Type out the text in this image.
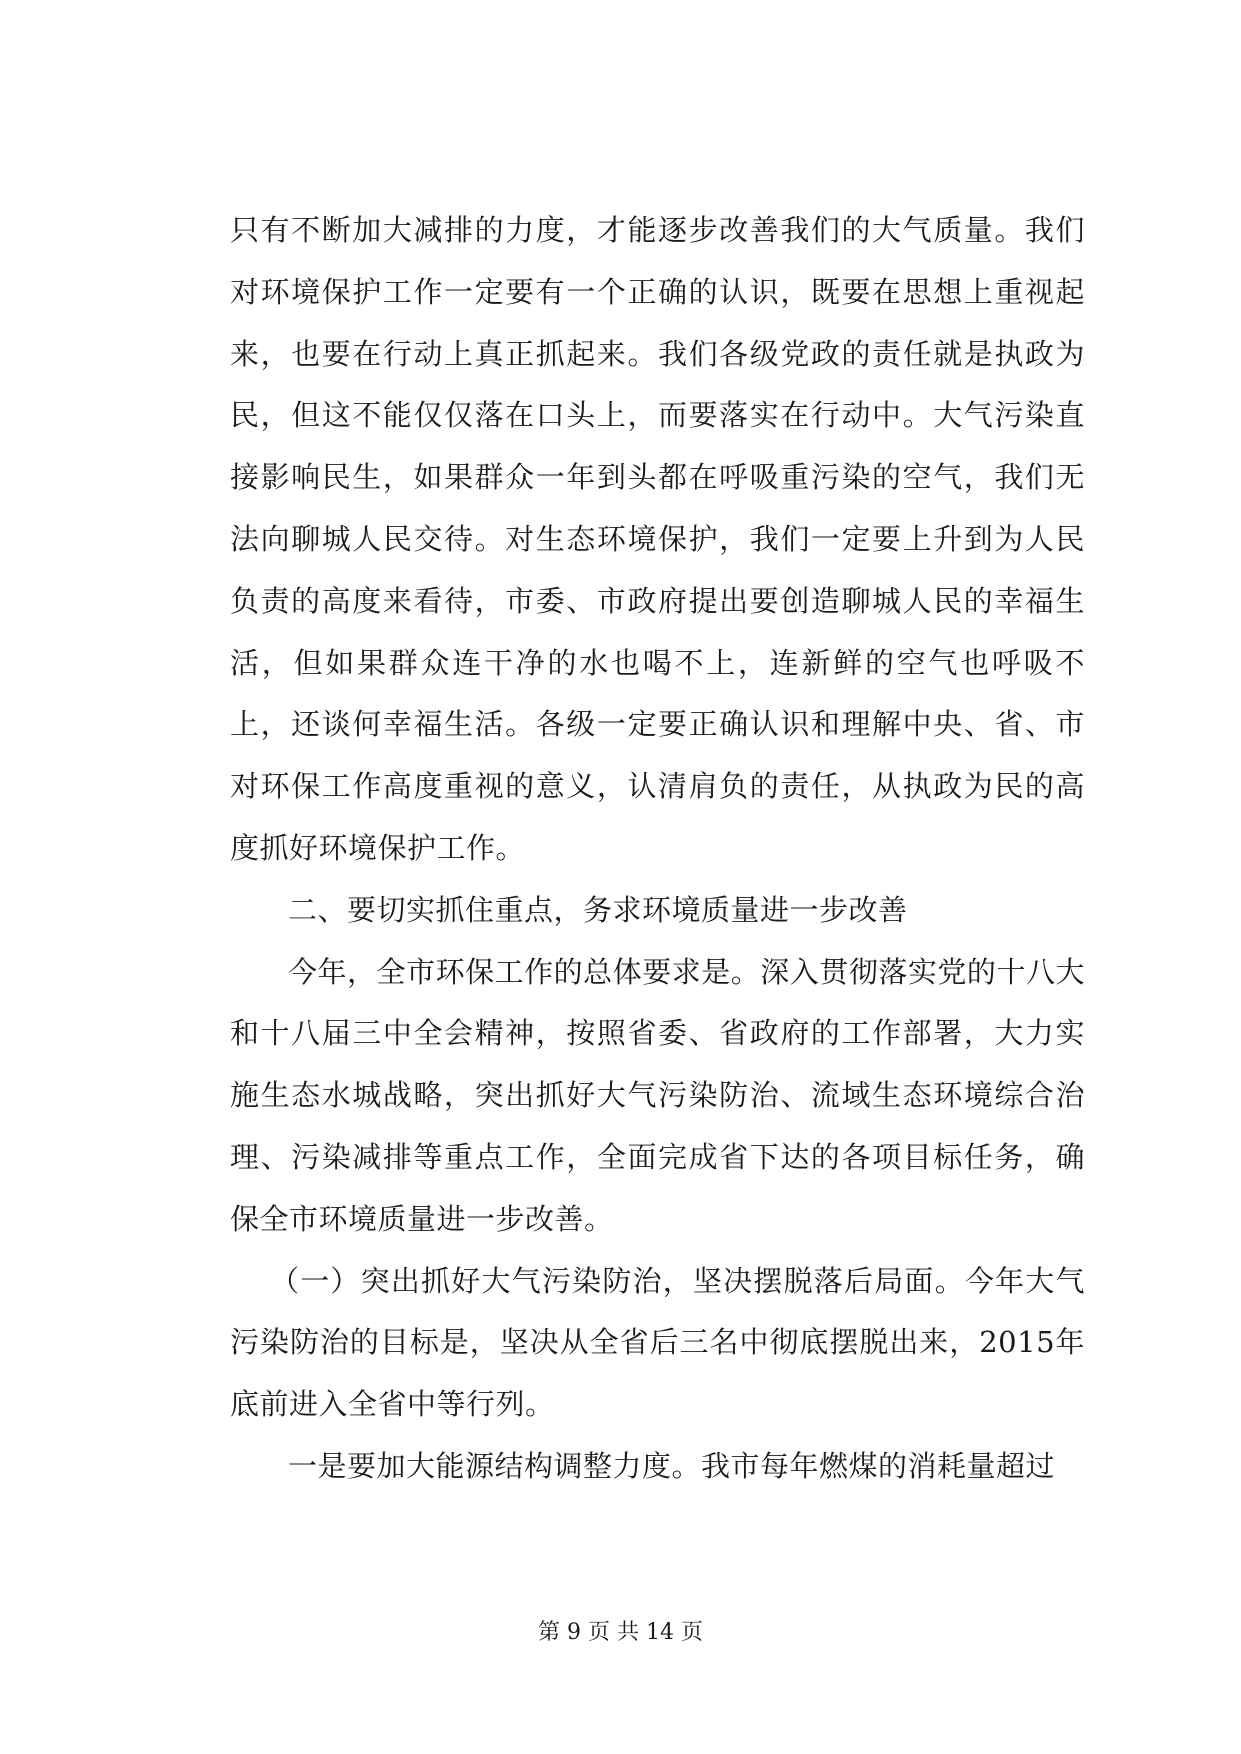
只有不断加大减排的力度，才能逐步改善我们的大气质量。我们对环境保护工作一定要有一个正确的认识，既要在思想上重视起来，也要在行动上真正抓起来。我们各级党政的责任就是执政为民，但这不能仅仅落在口头上，而要落实在行动中。大气污染直接影响民生，如果群众一年到头都在呼吸重污染的空气，我们无法向聊城人民交待。对生态环境保护，我们一定要上升到为人民负责的高度来看待，市委、市政府提出要创造聊城人民的幸福生活，但如果群众连干净的水也喝不上，连新鲜的空气也呼吸不上，还谈何幸福生活。各级一定要正确认识和理解中央、省、市对环保工作高度重视的意义，认清肩负的责任，从执政为民的高度抓好环境保护工作。

二、要切实抓住重点，务求环境质量进一步改善

今年，全市环保工作的总体要求是。深入贯彻落实党的十八大和十八届三中全会精神，按照省委、省政府的工作部署，大力实施生态水城战略，突出抓好大气污染防治、流域生态环境综合治理、污染减排等重点工作，全面完成省下达的各项目标任务，确保全市环境质量进一步改善。

（一）突出抓好大气污染防治，坚决摆脱落后局面。今年大气污染防治的目标是，坚决从全省后三名中彻底摆脱出来，2015年底前进入全省中等行列。

一是要加大能源结构调整力度。我市每年燃煤的消耗量超过

第 9 页 共 14 页
